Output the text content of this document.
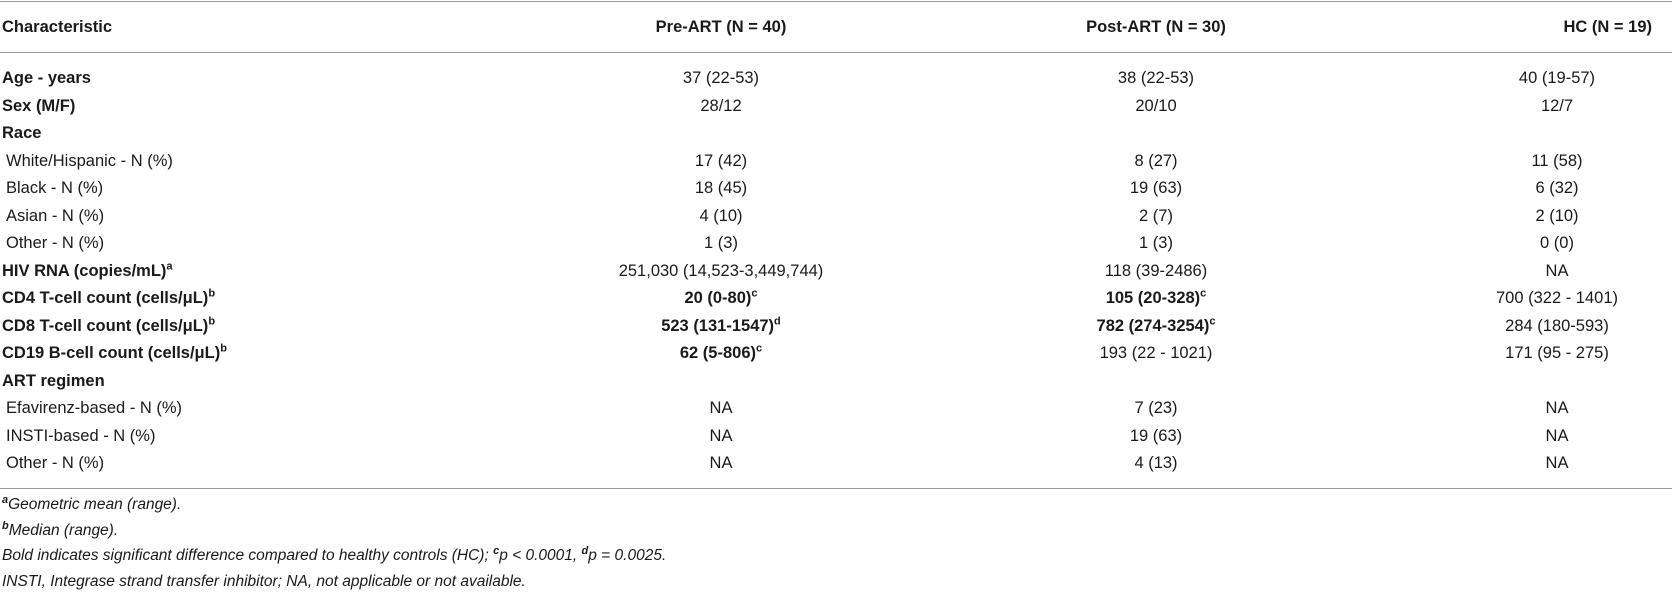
Characteristic	Pre-ART (N = 40)	Post-ART (N = 30)	HC (N = 19)
Age - years	37 (22-53)	38 (22-53)	40 (19-57)
Sex (M/F)	28/12	20/10	12/7
Race			
White/Hispanic - N (%)	17 (42)	8 (27)	11 (58)
Black - N (%)	18 (45)	19 (63)	6 (32)
Asian - N (%)	4 (10)	2 (7)	2 (10)
Other - N (%)	1 (3)	1 (3)	0 (0)
HIV RNA (copies/mL)$^a$	251,030 (14,523-3,449,744)	118 (39-2486)	NA
CD4 T-cell count (cells/μL)$^b$	20 $(0-80)^c$	105 $(20-328)^c$	700 (322 - 1401)
CD8 T-cell count (cells/μL)$^b$	523 $(131-1547)^d$	782 $(274-3254)^c$	284 (180-593)
CD19 B-cell count (cells/μL)$^b$	62 $(5-806)^c$	193 (22 - 1021)	171 (95 - 275)
ART regimen			
Efavirenz-based - N (%)	NA	7 (23)	NA
INSTI-based - N (%)	NA	19 (63)	NA
Other - N (%)	NA	4 (13)	NA
$^a$Geometric mean (range).
$^b$Median (range).
Bold indicates significant difference compared to healthy controls (HC); $^c$p < 0.0001, $^d$p = 0.0025.
INSTI, Integrase strand transfer inhibitor; NA, not applicable or not available.
